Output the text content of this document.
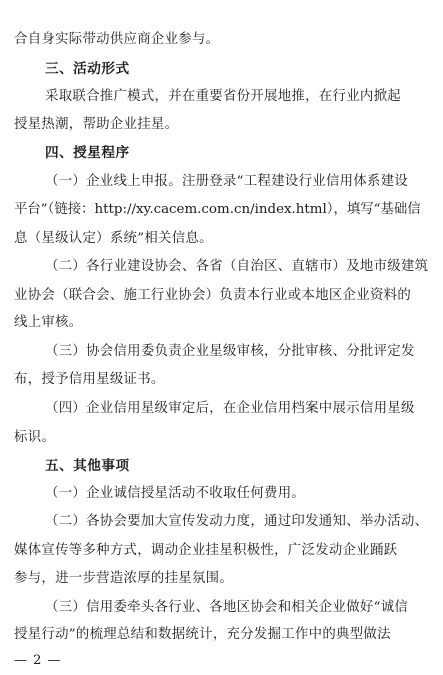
合自身实际带动供应商企业参与。
三、活动形式
采取联合推广模式，并在重要省份开展地推，在行业内掀起
授星热潮，帮助企业挂星。
四、授星程序
（一）企业线上申报。注册登录“工程建设行业信用体系建设
平台”（链接：http://xy.cacem.com.cn/index.html），填写“基础信
息（星级认定）系统”相关信息。
（二）各行业建设协会、各省（自治区、直辖市）及地市级建筑
业协会（联合会、施工行业协会）负责本行业或本地区企业资料的
线上审核。
（三）协会信用委负责企业星级审核，分批审核、分批评定发
布，授予信用星级证书。
（四）企业信用星级审定后，在企业信用档案中展示信用星级
标识。
五、其他事项
（一）企业诚信授星活动不收取任何费用。
（二）各协会要加大宣传发动力度，通过印发通知、举办活动、
媒体宣传等多种方式，调动企业挂星积极性，广泛发动企业踊跃
参与，进一步营造浓厚的挂星氛围。
（三）信用委牵头各行业、各地区协会和相关企业做好“诚信
授星行动”的梳理总结和数据统计，充分发掘工作中的典型做法
— 2 —
